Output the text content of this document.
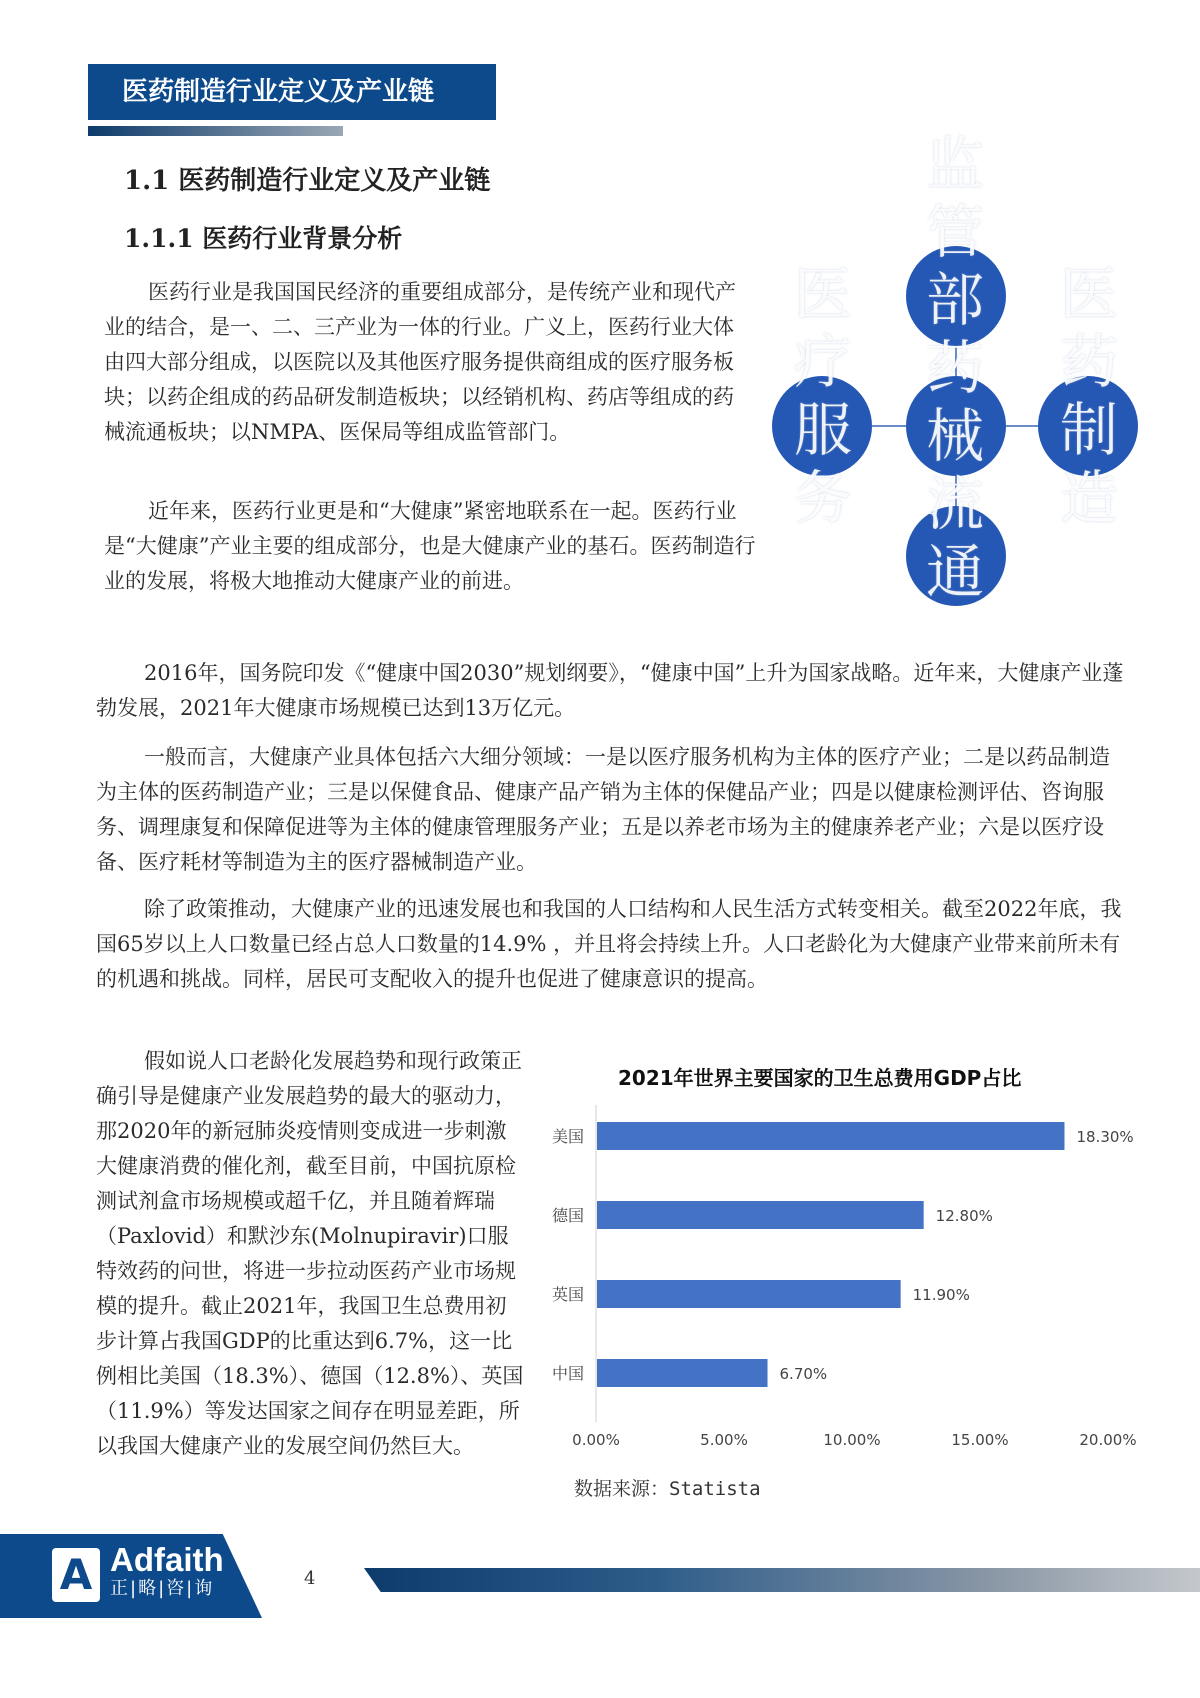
医药制造行业定义及产业链
1.1 医药制造行业定义及产业链
1.1.1 医药行业背景分析

医药行业是我国国民经济的重要组成部分，是传统产业和现代产业的结合，是一、二、三产业为一体的行业。广义上，医药行业大体由四大部分组成，以医院以及其他医疗服务提供商组成的医疗服务板块；以药企组成的药品研发制造板块；以经销机构、药店等组成的药械流通板块；以NMPA、医保局等组成监管部门。

近年来，医药行业更是和“大健康”紧密地联系在一起。医药行业是“大健康”产业主要的组成部分，也是大健康产业的基石。医药制造行业的发展，将极大地推动大健康产业的前进。

医
疗
服
务
监
管
部
药
械
流
通
医
药
制
造

2016年，国务院印发《“健康中国2030”规划纲要》，“健康中国”上升为国家战略。近年来，大健康产业蓬勃发展，2021年大健康市场规模已达到13万亿元。

一般而言，大健康产业具体包括六大细分领域：一是以医疗服务机构为主体的医疗产业；二是以药品制造为主体的医药制造产业；三是以保健食品、健康产品产销为主体的保健品产业；四是以健康检测评估、咨询服务、调理康复和保障促进等为主体的健康管理服务产业；五是以养老市场为主的健康养老产业；六是以医疗设备、医疗耗材等制造为主的医疗器械制造产业。

除了政策推动，大健康产业的迅速发展也和我国的人口结构和人民生活方式转变相关。截至2022年底，我国65岁以上人口数量已经占总人口数量的14.9% ，并且将会持续上升。人口老龄化为大健康产业带来前所未有的机遇和挑战。同样，居民可支配收入的提升也促进了健康意识的提高。

假如说人口老龄化发展趋势和现行政策正确引导是健康产业发展趋势的最大的驱动力，那2020年的新冠肺炎疫情则变成进一步刺激大健康消费的催化剂，截至目前，中国抗原检测试剂盒市场规模或超千亿，并且随着辉瑞（Paxlovid）和默沙东(Molnupiravir)口服特效药的问世，将进一步拉动医药产业市场规模的提升。截止2021年，我国卫生总费用初步计算占我国GDP的比重达到6.7%，这一比例相比美国（18.3%）、德国（12.8%）、英国（11.9%）等发达国家之间存在明显差距，所以我国大健康产业的发展空间仍然巨大。

2021年世界主要国家的卫生总费用GDP占比
美国	18.30%
德国	12.80%
英国	11.90%
中国	6.70%
0.00%	5.00%	10.00%	15.00%	20.00%
数据来源：Statista
A Adfaith
正|略|咨|询	4
